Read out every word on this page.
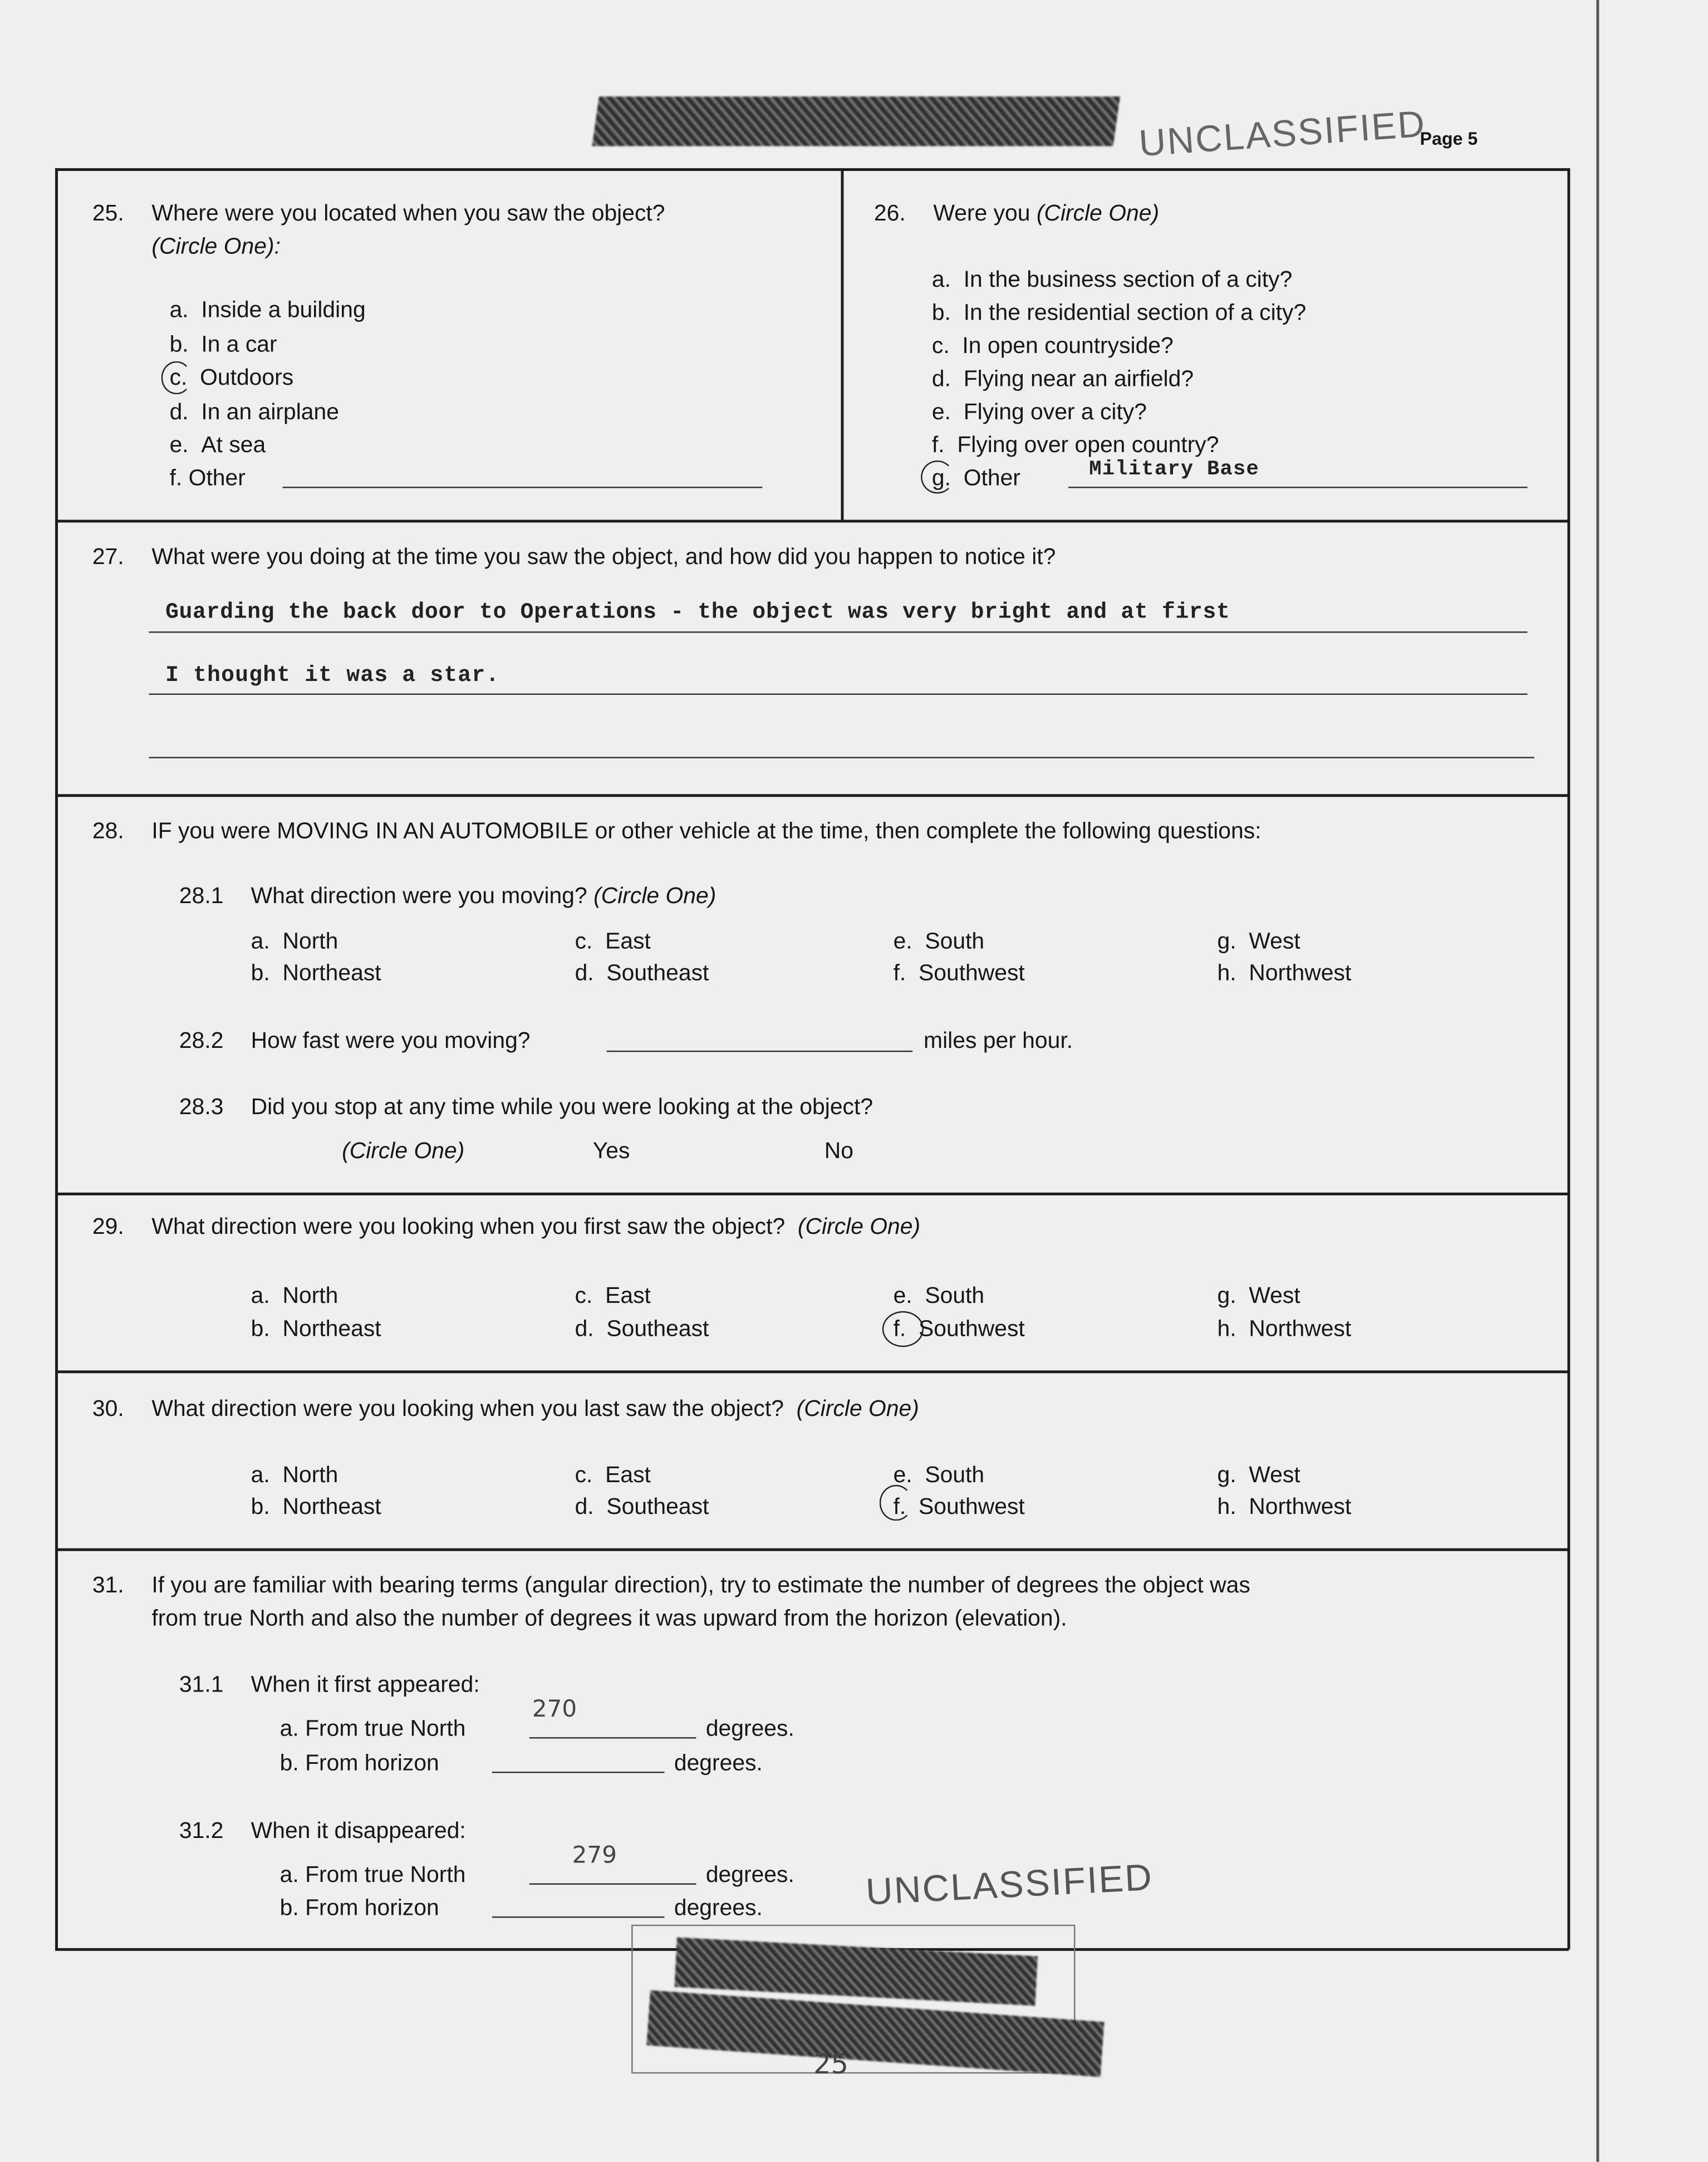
UNCLASSIFIED
Page 5
25.	Where were you located when you saw the object?
(Circle One):
a. Inside a building
b. In a car
c. Outdoors
d. In an airplane
e. At sea
f. Other
26.	Were you (Circle One)
a. In the business section of a city?
b. In the residential section of a city?
c. In open countryside?
d. Flying near an airfield?
e. Flying over a city?
f. Flying over open country?
g. Other	Military Base
27.	What were you doing at the time you saw the object, and how did you happen to notice it?
Guarding the back door to Operations - the object was very bright and at first
I thought it was a star.
28.	IF you were MOVING IN AN AUTOMOBILE or other vehicle at the time, then complete the following questions:
28.1	What direction were you moving? (Circle One)
a. North
b. Northeast
c. East
d. Southeast
e. South
f. Southwest
g. West
h. Northwest
28.2	How fast were you moving?	miles per hour.
28.3	Did you stop at any time while you were looking at the object?
(Circle One)	Yes	No
29.	What direction were you looking when you first saw the object? (Circle One)
a. North
b. Northeast
c. East
d. Southeast
e. South
f. Southwest
g. West
h. Northwest
30.	What direction were you looking when you last saw the object? (Circle One)
a. North
b. Northeast
c. East
d. Southeast
e. South
f. Southwest
g. West
h. Northwest
31.	If you are familiar with bearing terms (angular direction), try to estimate the number of degrees the object was
from true North and also the number of degrees it was upward from the horizon (elevation).
31.1	When it first appeared:
a. From true North
270
degrees.
b. From horizon	degrees.
31.2	When it disappeared:
a. From true North
279
degrees.
b. From horizon	degrees.	UNCLASSIFIED
25
